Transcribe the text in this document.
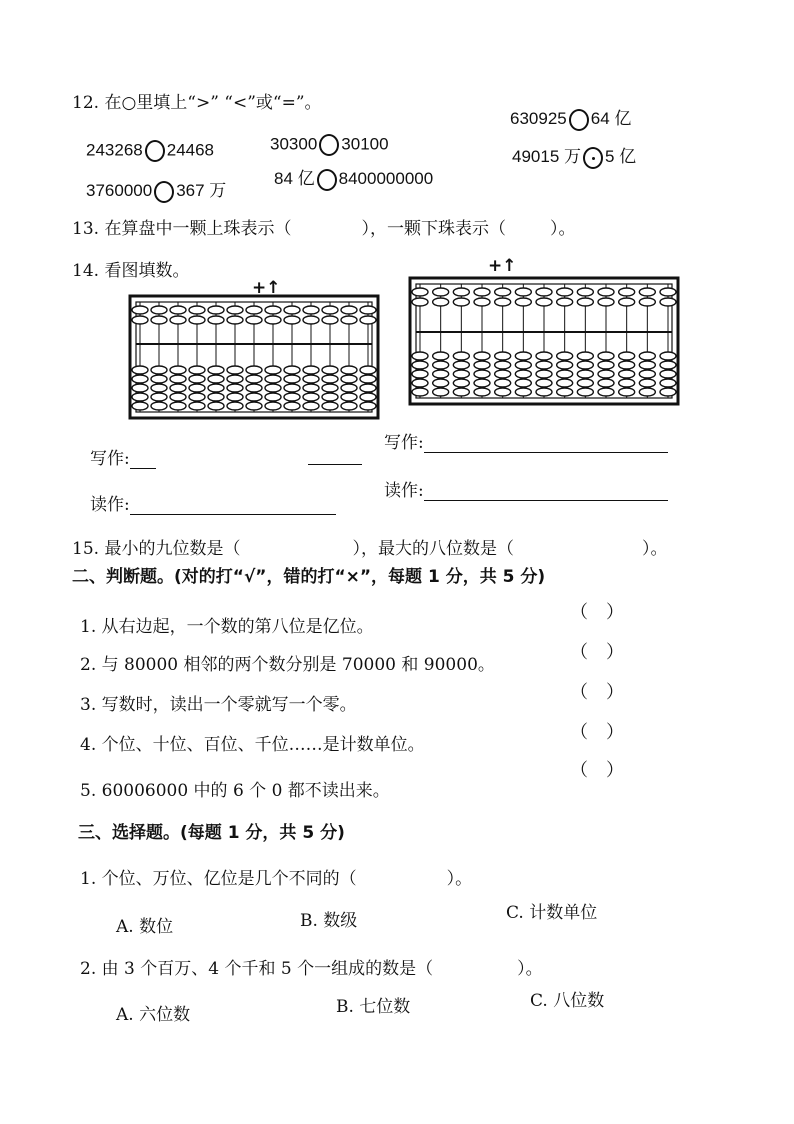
12. 在○里填上“>” “<”或“=”。
243268 24468	30300 30100
630925 64 亿
3760000 367 万
84 亿 8400000000
49015 万 5 亿
13. 在算盘中一颗上珠表示（	），一颗下珠表示（	）。
14. 看图填数。
+↑
+↑
写作:
写作:
读作:
读作:
15. 最小的九位数是（	），最大的八位数是（	）。
二、判断题。(对的打“√”，错的打“×”，每题 1 分，共 5 分)
1. 从右边起，一个数的第八位是亿位。
2. 与 80000 相邻的两个数分别是 70000 和 90000。
3. 写数时，读出一个零就写一个零。
4. 个位、十位、百位、千位……是计数单位。
5. 60006000 中的 6 个 0 都不读出来。
（　）
（　）
（　）
（　）
（　）
三、选择题。(每题 1 分，共 5 分)
1. 个位、万位、亿位是几个不同的（	）。
A. 数位	B. 数级	C. 计数单位
2. 由 3 个百万、4 个千和 5 个一组成的数是（	）。
A. 六位数	B. 七位数	C. 八位数
